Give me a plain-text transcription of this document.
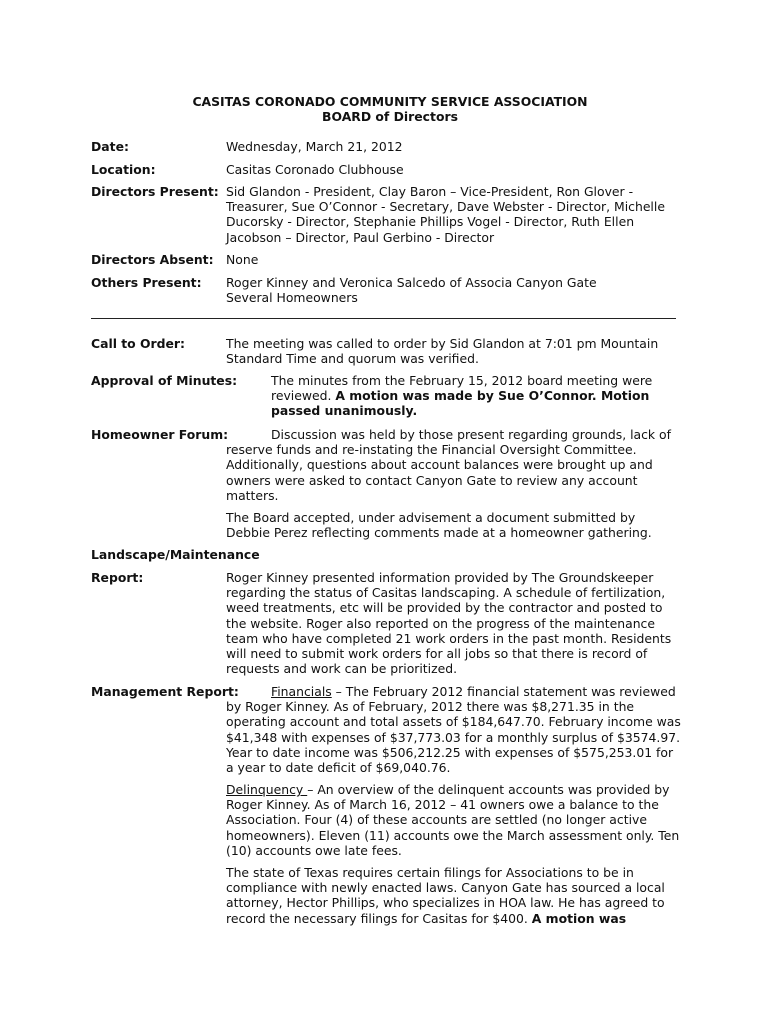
CASITAS CORONADO COMMUNITY SERVICE ASSOCIATION
BOARD of Directors
Date:	Wednesday, March 21, 2012
Location:	Casitas Coronado Clubhouse
Directors Present: Sid Glandon - President, Clay Baron – Vice-President, Ron Glover - Treasurer, Sue O’Connor - Secretary, Dave Webster - Director, Michelle Ducorsky - Director, Stephanie Phillips Vogel - Director, Ruth Ellen Jacobson – Director, Paul Gerbino - Director
Directors Absent: None
Others Present: Roger Kinney and Veronica Salcedo of Associa Canyon Gate
Several Homeowners
Call to Order:	The meeting was called to order by Sid Glandon at 7:01 pm Mountain Standard Time and quorum was verified.
Approval of Minutes:	The minutes from the February 15, 2012 board meeting were reviewed. A motion was made by Sue O’Connor. Motion passed unanimously.
Homeowner Forum:	Discussion was held by those present regarding grounds, lack of reserve funds and re-instating the Financial Oversight Committee. Additionally, questions about account balances were brought up and owners were asked to contact Canyon Gate to review any account matters.
The Board accepted, under advisement a document submitted by Debbie Perez reflecting comments made at a homeowner gathering.
Landscape/Maintenance
Report:	Roger Kinney presented information provided by The Groundskeeper regarding the status of Casitas landscaping. A schedule of fertilization, weed treatments, etc will be provided by the contractor and posted to the website. Roger also reported on the progress of the maintenance team who have completed 21 work orders in the past month. Residents will need to submit work orders for all jobs so that there is record of requests and work can be prioritized.
Management Report:	Financials – The February 2012 financial statement was reviewed by Roger Kinney. As of February, 2012 there was $8,271.35 in the operating account and total assets of $184,647.70. February income was $41,348 with expenses of $37,773.03 for a monthly surplus of $3574.97. Year to date income was $506,212.25 with expenses of $575,253.01 for a year to date deficit of $69,040.76.
Delinquency – An overview of the delinquent accounts was provided by Roger Kinney. As of March 16, 2012 – 41 owners owe a balance to the Association. Four (4) of these accounts are settled (no longer active homeowners). Eleven (11) accounts owe the March assessment only. Ten (10) accounts owe late fees.
The state of Texas requires certain filings for Associations to be in compliance with newly enacted laws. Canyon Gate has sourced a local attorney, Hector Phillips, who specializes in HOA law. He has agreed to record the necessary filings for Casitas for $400. A motion was
